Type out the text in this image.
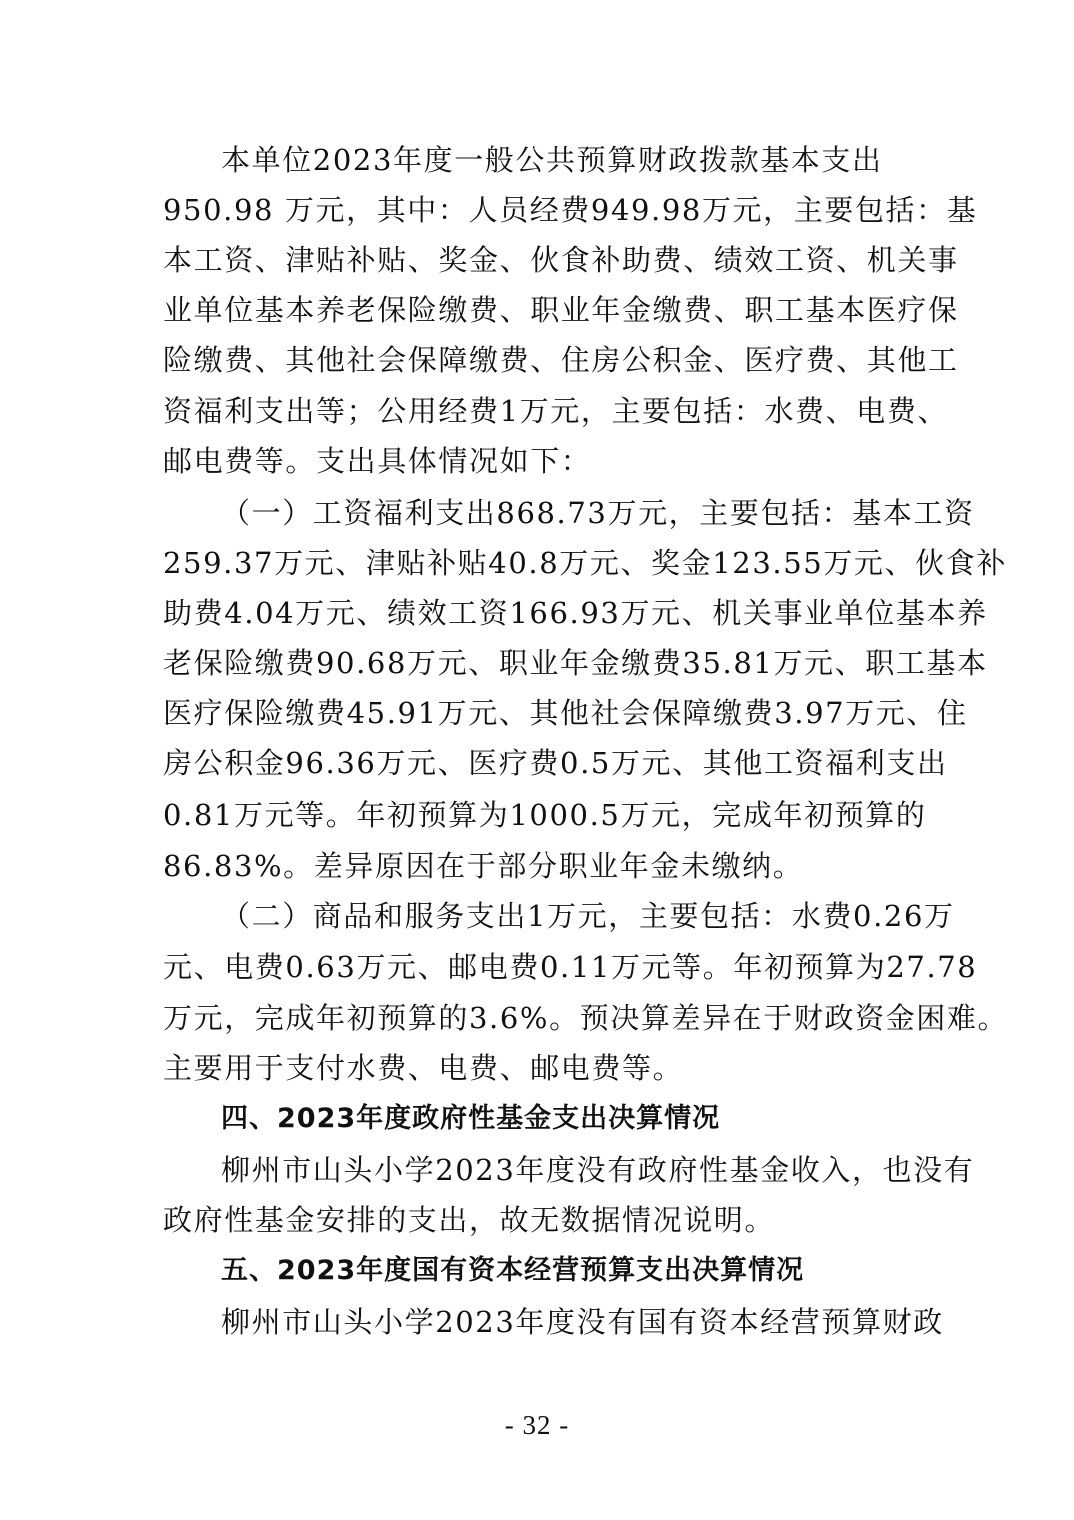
本单位2023年度一般公共预算财政拨款基本支出
950.98 万元，其中：人员经费949.98万元，主要包括：基
本工资、津贴补贴、奖金、伙食补助费、绩效工资、机关事
业单位基本养老保险缴费、职业年金缴费、职工基本医疗保
险缴费、其他社会保障缴费、住房公积金、医疗费、其他工
资福利支出等；公用经费1万元，主要包括：水费、电费、
邮电费等。支出具体情况如下：
（一）工资福利支出868.73万元，主要包括：基本工资
259.37万元、津贴补贴40.8万元、奖金123.55万元、伙食补
助费4.04万元、绩效工资166.93万元、机关事业单位基本养
老保险缴费90.68万元、职业年金缴费35.81万元、职工基本
医疗保险缴费45.91万元、其他社会保障缴费3.97万元、住
房公积金96.36万元、医疗费0.5万元、其他工资福利支出
0.81万元等。年初预算为1000.5万元，完成年初预算的
86.83%。差异原因在于部分职业年金未缴纳。
（二）商品和服务支出1万元，主要包括：水费0.26万
元、电费0.63万元、邮电费0.11万元等。年初预算为27.78
万元，完成年初预算的3.6%。预决算差异在于财政资金困难。
主要用于支付水费、电费、邮电费等。
四、2023年度政府性基金支出决算情况
柳州市山头小学2023年度没有政府性基金收入，也没有
政府性基金安排的支出，故无数据情况说明。
五、2023年度国有资本经营预算支出决算情况
柳州市山头小学2023年度没有国有资本经营预算财政
- 32 -
